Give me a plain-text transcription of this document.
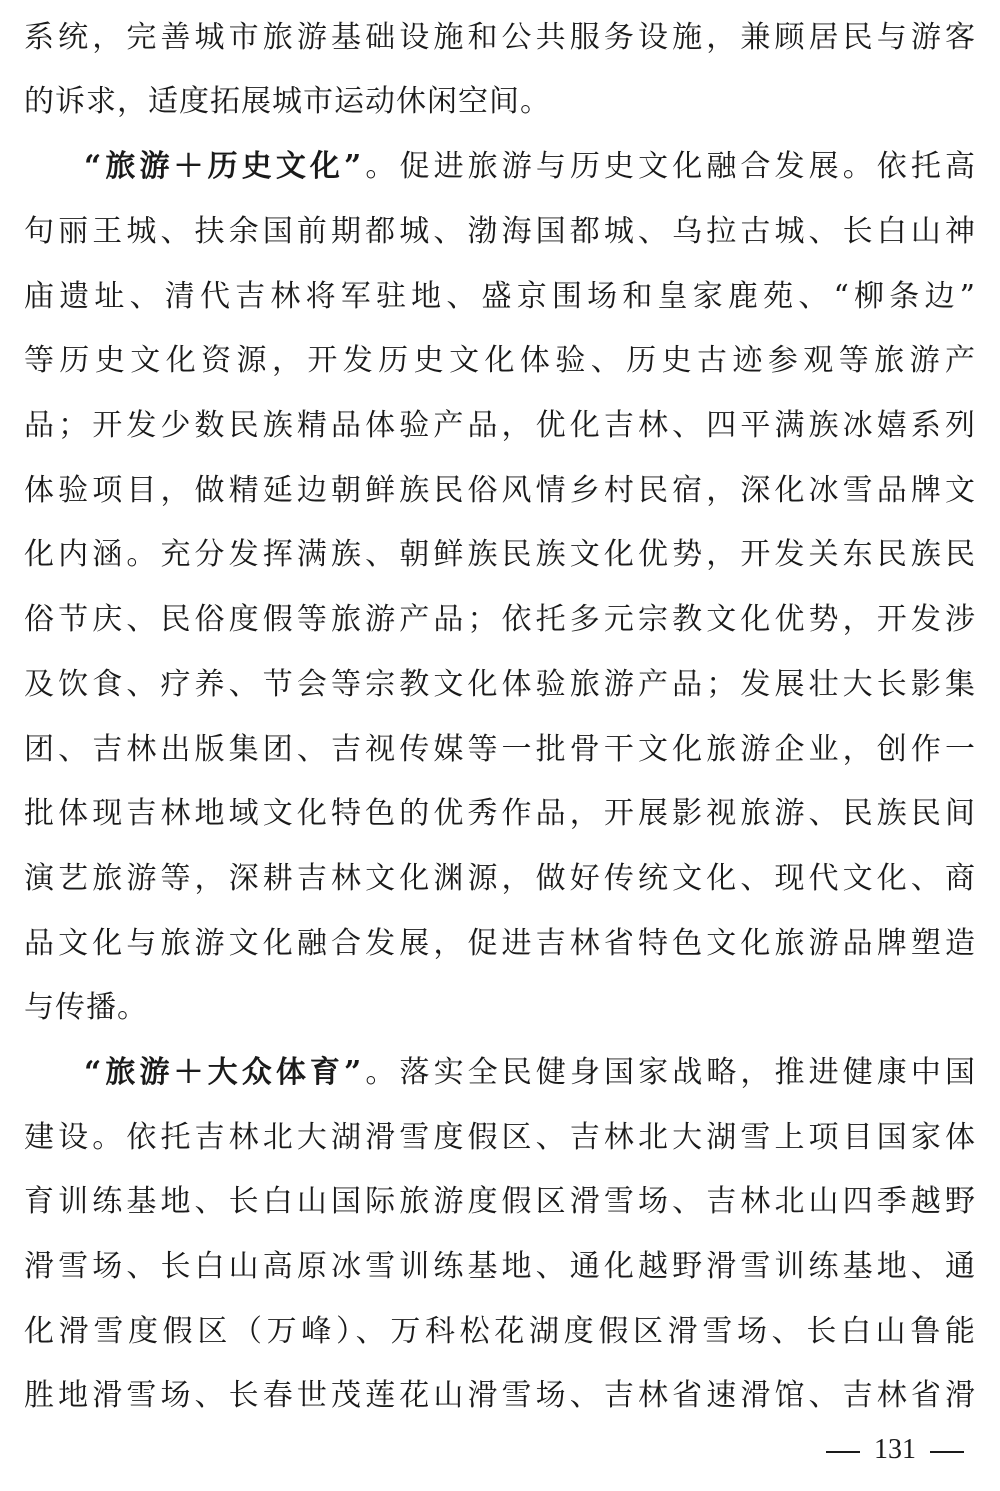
系统，完善城市旅游基础设施和公共服务设施，兼顾居民与游客
的诉求，适度拓展城市运动休闲空间。
“旅游＋历史文化”。促进旅游与历史文化融合发展。依托高
句丽王城、扶余国前期都城、渤海国都城、乌拉古城、长白山神
庙遗址、清代吉林将军驻地、盛京围场和皇家鹿苑、“柳条边”
等历史文化资源，开发历史文化体验、历史古迹参观等旅游产
品；开发少数民族精品体验产品，优化吉林、四平满族冰嬉系列
体验项目，做精延边朝鲜族民俗风情乡村民宿，深化冰雪品牌文
化内涵。充分发挥满族、朝鲜族民族文化优势，开发关东民族民
俗节庆、民俗度假等旅游产品；依托多元宗教文化优势，开发涉
及饮食、疗养、节会等宗教文化体验旅游产品；发展壮大长影集
团、吉林出版集团、吉视传媒等一批骨干文化旅游企业，创作一
批体现吉林地域文化特色的优秀作品，开展影视旅游、民族民间
演艺旅游等，深耕吉林文化渊源，做好传统文化、现代文化、商
品文化与旅游文化融合发展，促进吉林省特色文化旅游品牌塑造
与传播。
“旅游＋大众体育”。落实全民健身国家战略，推进健康中国
建设。依托吉林北大湖滑雪度假区、吉林北大湖雪上项目国家体
育训练基地、长白山国际旅游度假区滑雪场、吉林北山四季越野
滑雪场、长白山高原冰雪训练基地、通化越野滑雪训练基地、通
化滑雪度假区（万峰）、万科松花湖度假区滑雪场、长白山鲁能
胜地滑雪场、长春世茂莲花山滑雪场、吉林省速滑馆、吉林省滑
131
